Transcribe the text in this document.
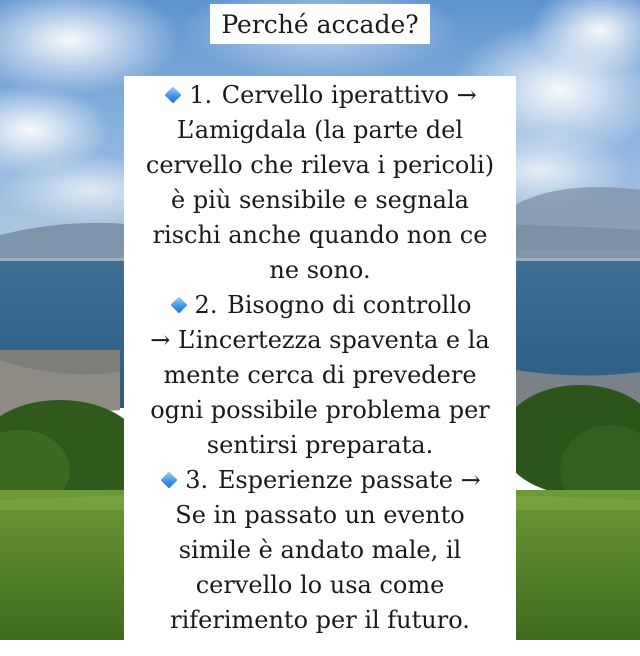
Perché accade?

1. Cervello iperattivo →
L’amigdala (la parte del
cervello che rileva i pericoli)
è più sensibile e segnala
rischi anche quando non ce
ne sono.

2. Bisogno di controllo
→ L’incertezza spaventa e la
mente cerca di prevedere
ogni possibile problema per
sentirsi preparata.

3. Esperienze passate →
Se in passato un evento
simile è andato male, il
cervello lo usa come
riferimento per il futuro.
